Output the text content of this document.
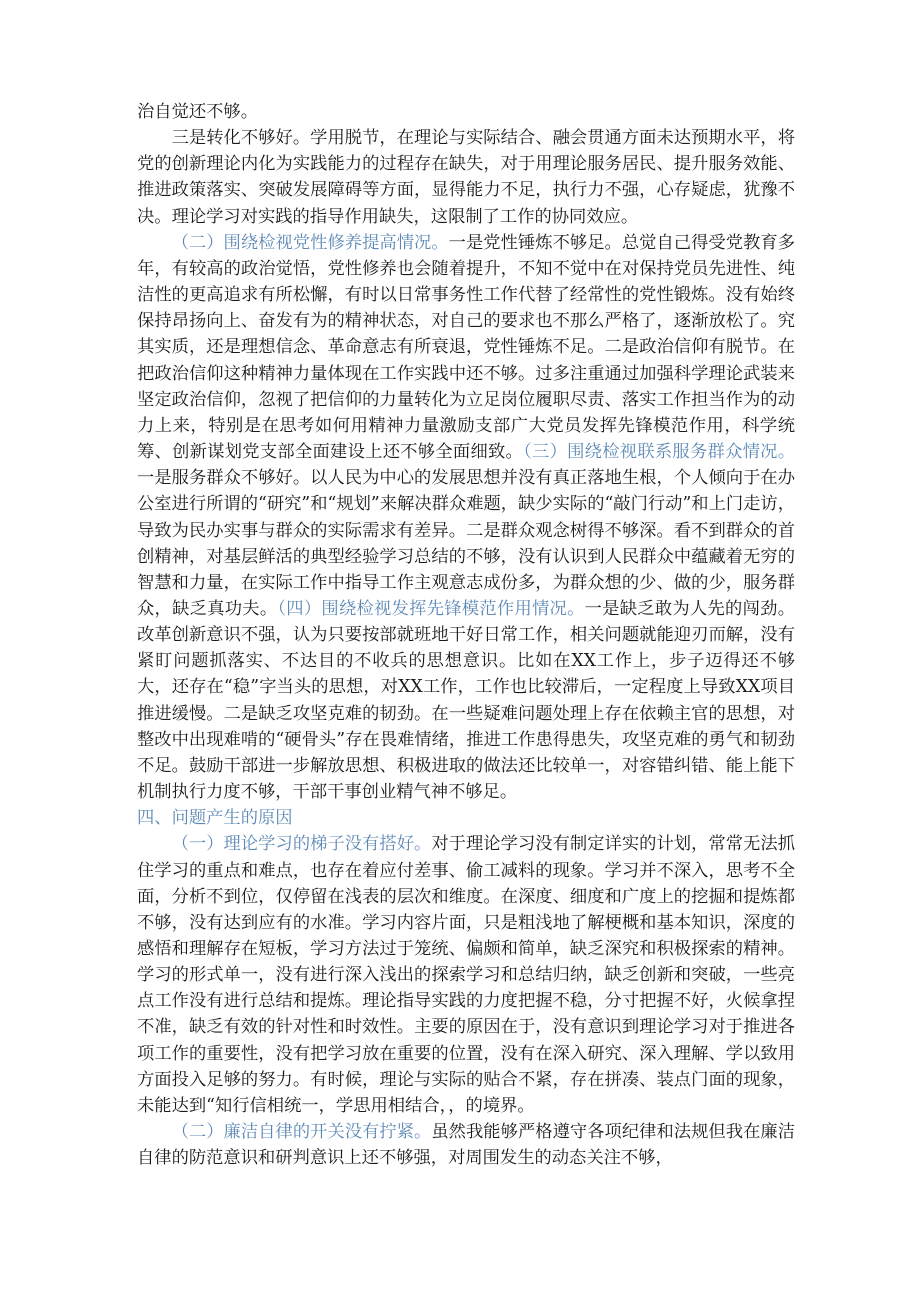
治自觉还不够。

三是转化不够好。学用脱节，在理论与实际结合、融会贯通方面未达预期水平，将党的创新理论内化为实践能力的过程存在缺失，对于用理论服务居民、提升服务效能、推进政策落实、突破发展障碍等方面，显得能力不足，执行力不强，心存疑虑，犹豫不决。理论学习对实践的指导作用缺失，这限制了工作的协同效应。

（二）围绕检视党性修养提高情况。一是党性锤炼不够足。总觉自己得受党教育多年，有较高的政治觉悟，党性修养也会随着提升，不知不觉中在对保持党员先进性、纯洁性的更高追求有所松懈，有时以日常事务性工作代替了经常性的党性锻炼。没有始终保持昂扬向上、奋发有为的精神状态，对自己的要求也不那么严格了，逐渐放松了。究其实质，还是理想信念、革命意志有所衰退，党性锤炼不足。二是政治信仰有脱节。在把政治信仰这种精神力量体现在工作实践中还不够。过多注重通过加强科学理论武装来坚定政治信仰，忽视了把信仰的力量转化为立足岗位履职尽责、落实工作担当作为的动力上来，特别是在思考如何用精神力量激励支部广大党员发挥先锋模范作用，科学统筹、创新谋划党支部全面建设上还不够全面细致。（三）围绕检视联系服务群众情况。一是服务群众不够好。以人民为中心的发展思想并没有真正落地生根，个人倾向于在办公室进行所谓的“研究”和“规划”来解决群众难题，缺少实际的“敲门行动”和上门走访，导致为民办实事与群众的实际需求有差异。二是群众观念树得不够深。看不到群众的首创精神，对基层鲜活的典型经验学习总结的不够，没有认识到人民群众中蕴藏着无穷的智慧和力量，在实际工作中指导工作主观意志成份多，为群众想的少、做的少，服务群众，缺乏真功夫。（四）围绕检视发挥先锋模范作用情况。一是缺乏敢为人先的闯劲。改革创新意识不强，认为只要按部就班地干好日常工作，相关问题就能迎刃而解，没有紧盯问题抓落实、不达目的不收兵的思想意识。比如在XX工作上，步子迈得还不够大，还存在“稳”字当头的思想，对XX工作，工作也比较滞后，一定程度上导致XX项目推进缓慢。二是缺乏攻坚克难的韧劲。在一些疑难问题处理上存在依赖主官的思想，对整改中出现难啃的“硬骨头”存在畏难情绪，推进工作患得患失，攻坚克难的勇气和韧劲不足。鼓励干部进一步解放思想、积极进取的做法还比较单一，对容错纠错、能上能下机制执行力度不够，干部干事创业精气神不够足。

四、问题产生的原因

（一）理论学习的梯子没有搭好。对于理论学习没有制定详实的计划，常常无法抓住学习的重点和难点，也存在着应付差事、偷工减料的现象。学习并不深入，思考不全面，分析不到位，仅停留在浅表的层次和维度。在深度、细度和广度上的挖掘和提炼都不够，没有达到应有的水准。学习内容片面，只是粗浅地了解梗概和基本知识，深度的感悟和理解存在短板，学习方法过于笼统、偏颇和简单，缺乏深究和积极探索的精神。学习的形式单一，没有进行深入浅出的探索学习和总结归纳，缺乏创新和突破，一些亮点工作没有进行总结和提炼。理论指导实践的力度把握不稳，分寸把握不好，火候拿捏不准，缺乏有效的针对性和时效性。主要的原因在于，没有意识到理论学习对于推进各项工作的重要性，没有把学习放在重要的位置，没有在深入研究、深入理解、学以致用方面投入足够的努力。有时候，理论与实际的贴合不紧，存在拼凑、装点门面的现象，未能达到“知行信相统一，学思用相结合，，的境界。

（二）廉洁自律的开关没有拧紧。虽然我能够严格遵守各项纪律和法规但我在廉洁自律的防范意识和研判意识上还不够强，对周围发生的动态关注不够，
